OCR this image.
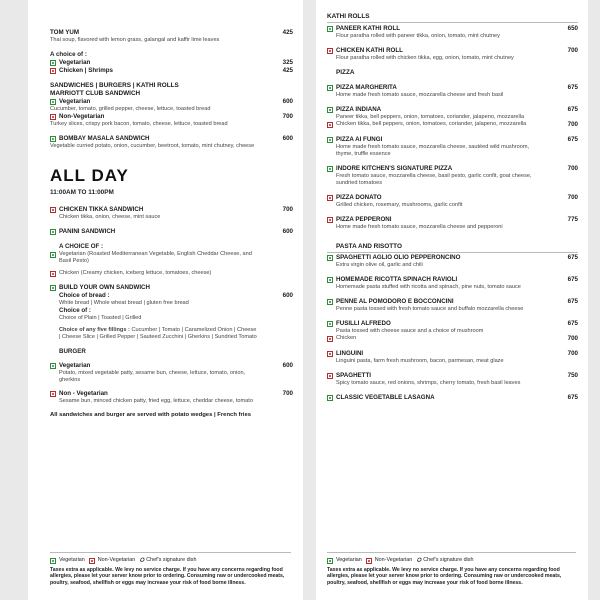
TOM YUM	425
Thai soup, flavored with lemon grass, galangal and kaffir lime leaves
A choice of :
Vegetarian	325
Chicken | Shrimps	425
SANDWICHES | BURGERS | KATHI ROLLS
MARRIOTT CLUB SANDWICH
Vegetarian	600
Cucumber, tomato, grilled pepper, cheese, lettuce, toasted bread
Non-Vegetarian	700
Turkey slices, crispy pork bacon, tomato, cheese, lettuce, toasted bread
BOMBAY MASALA SANDWICH	600
Vegetable curried potato, onion, cucumber, beetroot, tomato, mint chutney, cheese
ALL DAY
11:00AM TO 11:00PM
CHICKEN TIKKA SANDWICH	700
Chicken tikka, onion, cheese, mint sauce
PANINI SANDWICH	600
A CHOICE OF :
Vegetarian (Roasted Mediterranean Vegetable, English Cheddar Cheese, and Basil Pesto)
Chicken (Creamy chicken, iceberg lettuce, tomatoes, cheese)
BUILD YOUR OWN SANDWICH
Choice of bread :	600
White bread | Whole wheat bread | gluten free bread
Choice of :
Choice of Plain | Toasted | Grilled
Choice of any five fillings : Cucumber | Tomato | Caramelized Onion | Cheese | Cheese Slice | Grilled Pepper | Sauteed Zucchini | Gherkins | Sundried Tomato
BURGER
Vegetarian	600
Potato, mixed vegetable patty, sesame bun, cheese, lettuce, tomato, onion, gherkins
Non - Vegetarian	700
Sesame bun, minced chicken patty, fried egg, lettuce, cheddar cheese, tomato
All sandwiches and burger are served with potato wedges | French fries
Vegetarian Non-Vegetarian ✪ Chef's signature dish
Taxes extra as applicable. We levy no service charge. If you have any concerns regarding food allergies, please let your server know prior to ordering. Consuming raw or undercooked meats, poultry, seafood, shellfish or eggs may increase your risk of food borne illness.
KATHI ROLLS
PANEER KATHI ROLL	650
Flour paratha rolled with paneer tikka, onion, tomato, mint chutney
CHICKEN KATHI ROLL	700
Flour paratha rolled with chicken tikka, egg, onion, tomato, mint chutney
PIZZA
PIZZA MARGHERITA	675
Home made fresh tomato sauce, mozzarella cheese and fresh basil
PIZZA INDIANA	675
Paneer tikka, bell peppers, onion, tomatoes, coriander, jalapeno, mozzarella
Chicken tikka, bell peppers, onion, tomatoes, coriander, jalapeno, mozzarella	700
PIZZA AI FUNGI	675
Home made fresh tomato sauce, mozzarella cheese, sautéed wild mushroom, thyme, truffle essence
INDORE KITCHEN'S SIGNATURE PIZZA	700
Fresh tomato sauce, mozzarella cheese, basil pesto, garlic confit, goat cheese, sundried tomatoes
PIZZA DONATO	700
Grilled chicken, rosemary, mushrooms, garlic confit
PIZZA PEPPERONI	775
Home made fresh tomato sauce, mozzarella cheese and pepperoni
PASTA AND RISOTTO
SPAGHETTI AGLIO OLIO PEPPERONCINO	675
Extra virgin olive oil, garlic and chili
HOMEMADE RICOTTA SPINACH RAVIOLI	675
Homemade pasta stuffed with ricotta and spinach, pine nuts, tomato sauce
PENNE AL POMODORO E BOCCONCINI	675
Penne pasta tossed with fresh tomato sauce and buffalo mozzarella cheese
FUSILLI ALFREDO	675
Pasta tossed with cheese sauce and a choice of mushroom
Chicken	700
LINGUINI	700
Linguini pasta, farm fresh mushroom, bacon, parmesan, meat glaze
SPAGHETTI	750
Spicy tomato sauce, red onions, shrimps, cherry tomato, fresh basil leaves
CLASSIC VEGETABLE LASAGNA	675
Vegetarian Non-Vegetarian ✪ Chef's signature dish
Taxes extra as applicable. We levy no service charge. If you have any concerns regarding food allergies, please let your server know prior to ordering. Consuming raw or undercooked meats, poultry, seafood, shellfish or eggs may increase your risk of food borne illness.
